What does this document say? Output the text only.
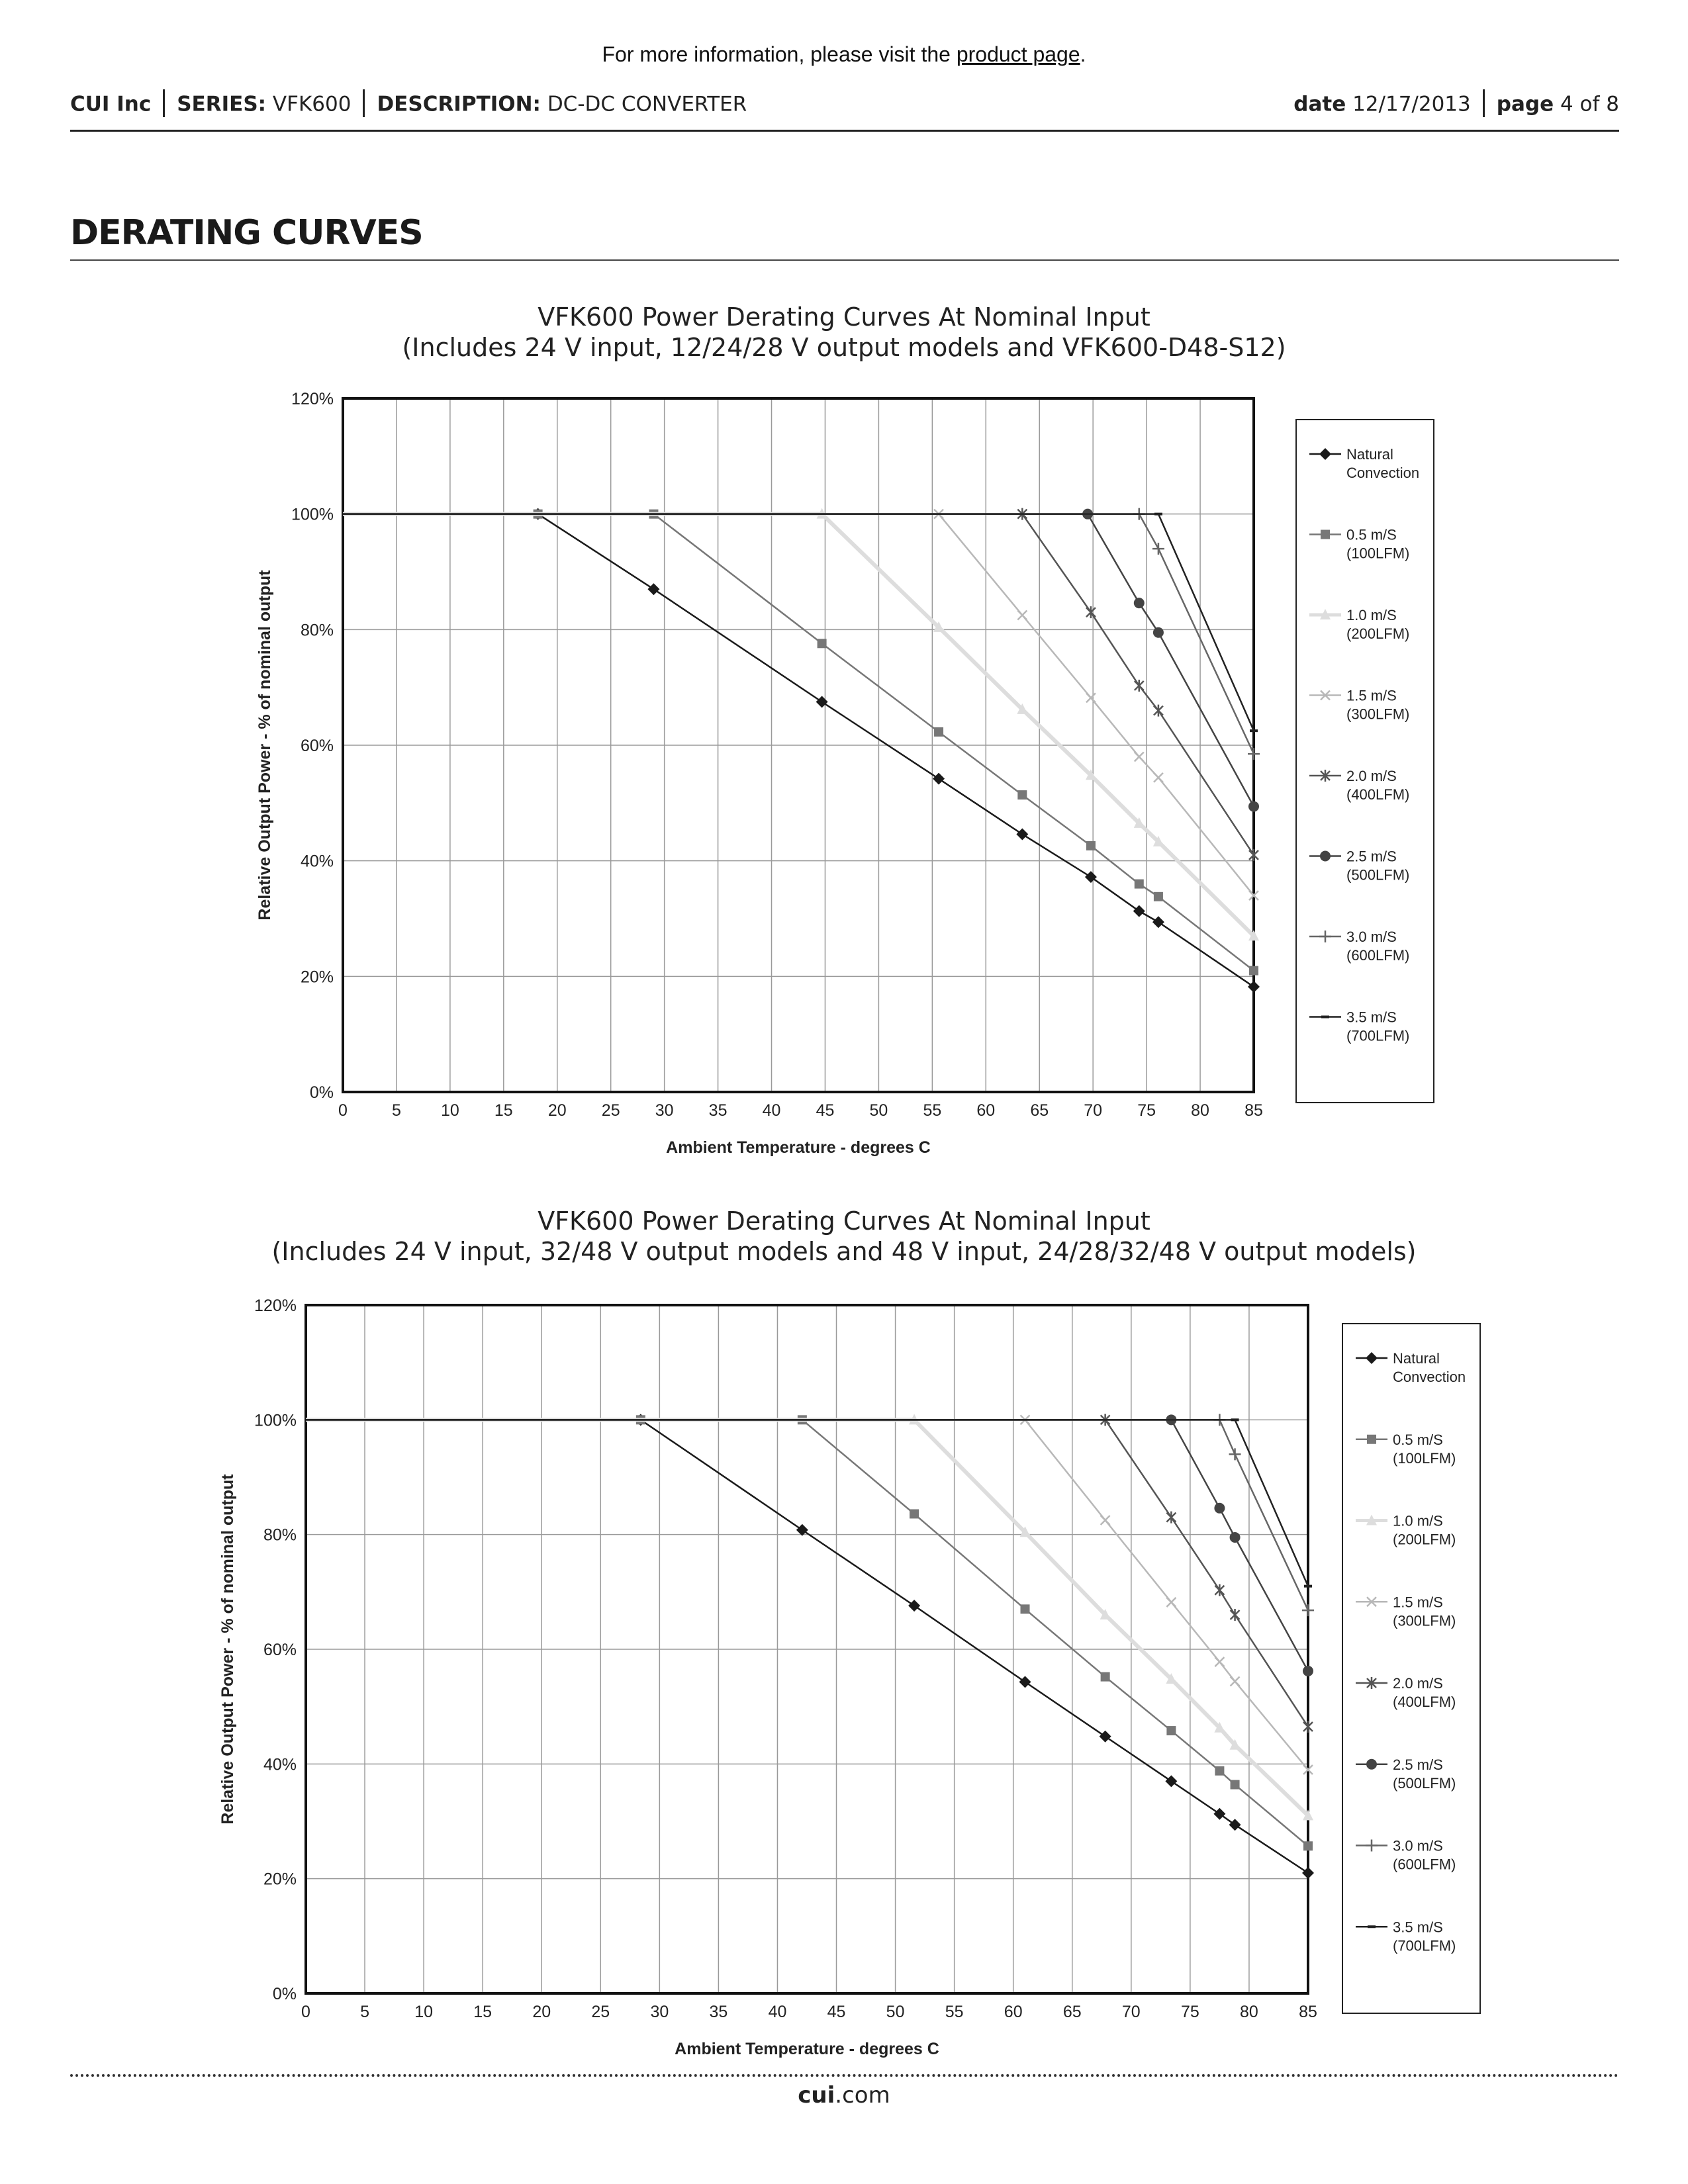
For more information, please visit the product page.
CUI Inc SERIES: VFK600 DESCRIPTION: DC-DC CONVERTER	date 12/17/2013 page 4 of 8
DERATING CURVES
VFK600 Power Derating Curves At Nominal Input
(Includes 24 V input, 12/24/28 V output models and VFK600-D48-S12)
0	5 10 15 20 25 30 35 40 45 50 55 60 65 70 75 80 85
0%
20%
40%
60%
80%
100%
120%
Ambient Temperature - degrees C
Relative Output Power - % of nominal output
Natural
Convection
0.5 m/S
(100LFM)
1.0 m/S
(200LFM)
1.5 m/S
(300LFM)
2.0 m/S
(400LFM)
2.5 m/S
(500LFM)
3.0 m/S
(600LFM)
3.5 m/S
(700LFM)
VFK600 Power Derating Curves At Nominal Input
(Includes 24 V input, 32/48 V output models and 48 V input, 24/28/32/48 V output models)
0	5	10 15 20 25 30 35 40 45 50 55 60 65 70 75 80 85
0%
20%
40%
60%
80%
100%
120%
Ambient Temperature - degrees C
Relative Output Power - % of nominal output
Natural
Convection
0.5 m/S
(100LFM)
1.0 m/S
(200LFM)
1.5 m/S
(300LFM)
2.0 m/S
(400LFM)
2.5 m/S
(500LFM)
3.0 m/S
(600LFM)
3.5 m/S
(700LFM)
cui.com
